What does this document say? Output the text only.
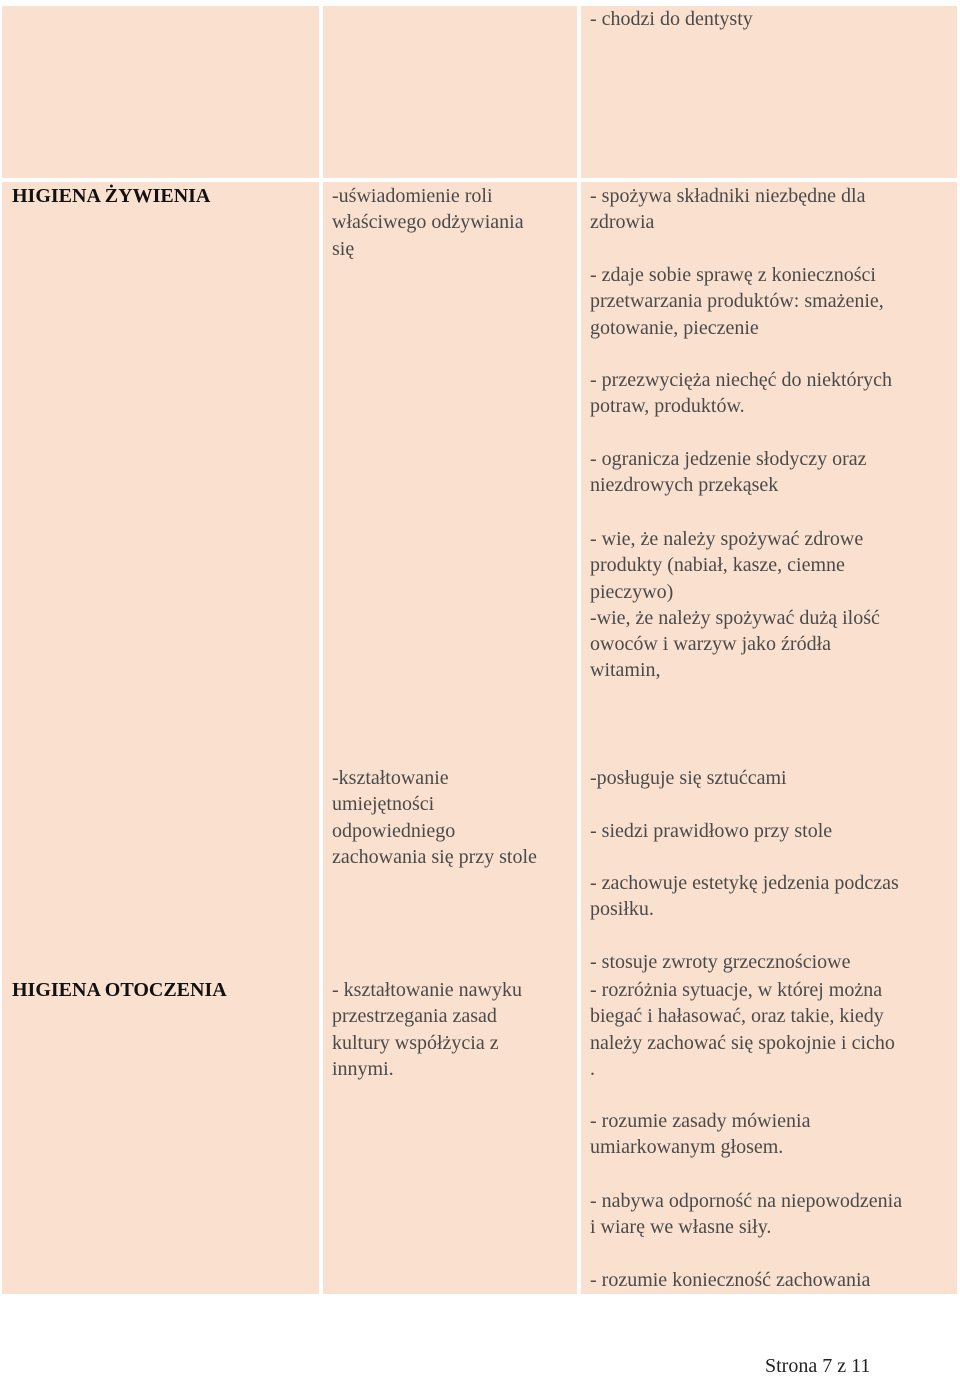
- chodzi do dentysty
HIGIENA ŻYWIENIA	-uświadomienie roli
właściwego odżywiania
się
- spożywa składniki niezbędne dla
zdrowia
- zdaje sobie sprawę z konieczności
przetwarzania produktów: smażenie,
gotowanie, pieczenie
- przezwycięża niechęć do niektórych
potraw, produktów.
- ogranicza jedzenie słodyczy oraz
niezdrowych przekąsek
- wie, że należy spożywać zdrowe
produkty (nabiał, kasze, ciemne
pieczywo)
-wie, że należy spożywać dużą ilość
owoców i warzyw jako źródła
witamin,
-kształtowanie
umiejętności
odpowiedniego
zachowania się przy stole
-posługuje się sztućcami
- siedzi prawidłowo przy stole
- zachowuje estetykę jedzenia podczas
posiłku.
HIGIENA OTOCZENIA	- kształtowanie nawyku
przestrzegania zasad
kultury współżycia z
innymi.
- stosuje zwroty grzecznościowe
- rozróżnia sytuacje, w której można
biegać i hałasować, oraz takie, kiedy
należy zachować się spokojnie i cicho
.
- rozumie zasady mówienia
umiarkowanym głosem.
- nabywa odporność na niepowodzenia
i wiarę we własne siły.
- rozumie konieczność zachowania
Strona 7 z 11
